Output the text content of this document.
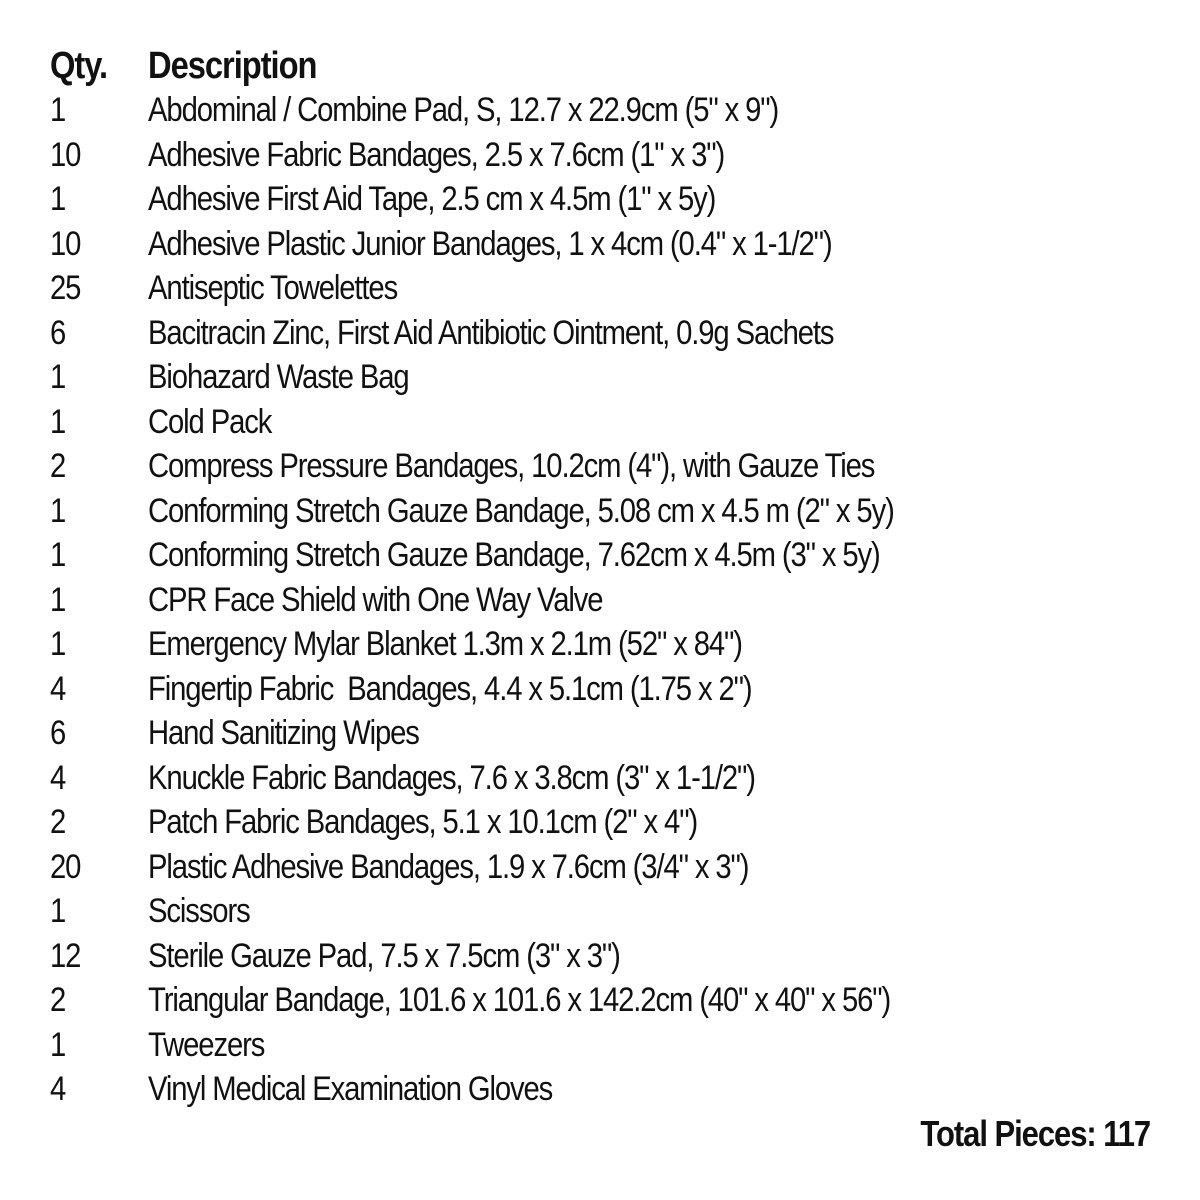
Qty.	Description
1	Abdominal / Combine Pad, S, 12.7 x 22.9cm (5" x 9")
10	Adhesive Fabric Bandages, 2.5 x 7.6cm (1" x 3")
1	Adhesive First Aid Tape, 2.5 cm x 4.5m (1" x 5y)
10	Adhesive Plastic Junior Bandages, 1 x 4cm (0.4" x 1-1/2")
25	Antiseptic Towelettes
6	Bacitracin Zinc, First Aid Antibiotic Ointment, 0.9g Sachets
1	Biohazard Waste Bag
1	Cold Pack
2	Compress Pressure Bandages, 10.2cm (4"), with Gauze Ties
1	Conforming Stretch Gauze Bandage, 5.08 cm x 4.5 m (2" x 5y)
1	Conforming Stretch Gauze Bandage, 7.62cm x 4.5m (3" x 5y)
1	CPR Face Shield with One Way Valve
1	Emergency Mylar Blanket 1.3m x 2.1m (52" x 84")
4	Fingertip Fabric  Bandages, 4.4 x 5.1cm (1.75 x 2")
6	Hand Sanitizing Wipes
4	Knuckle Fabric Bandages, 7.6 x 3.8cm (3" x 1-1/2")
2	Patch Fabric Bandages, 5.1 x 10.1cm (2" x 4")
20	Plastic Adhesive Bandages, 1.9 x 7.6cm (3/4" x 3")
1	Scissors
12	Sterile Gauze Pad, 7.5 x 7.5cm (3" x 3")
2	Triangular Bandage, 101.6 x 101.6 x 142.2cm (40" x 40" x 56")
1	Tweezers
4	Vinyl Medical Examination Gloves
Total Pieces: 117
